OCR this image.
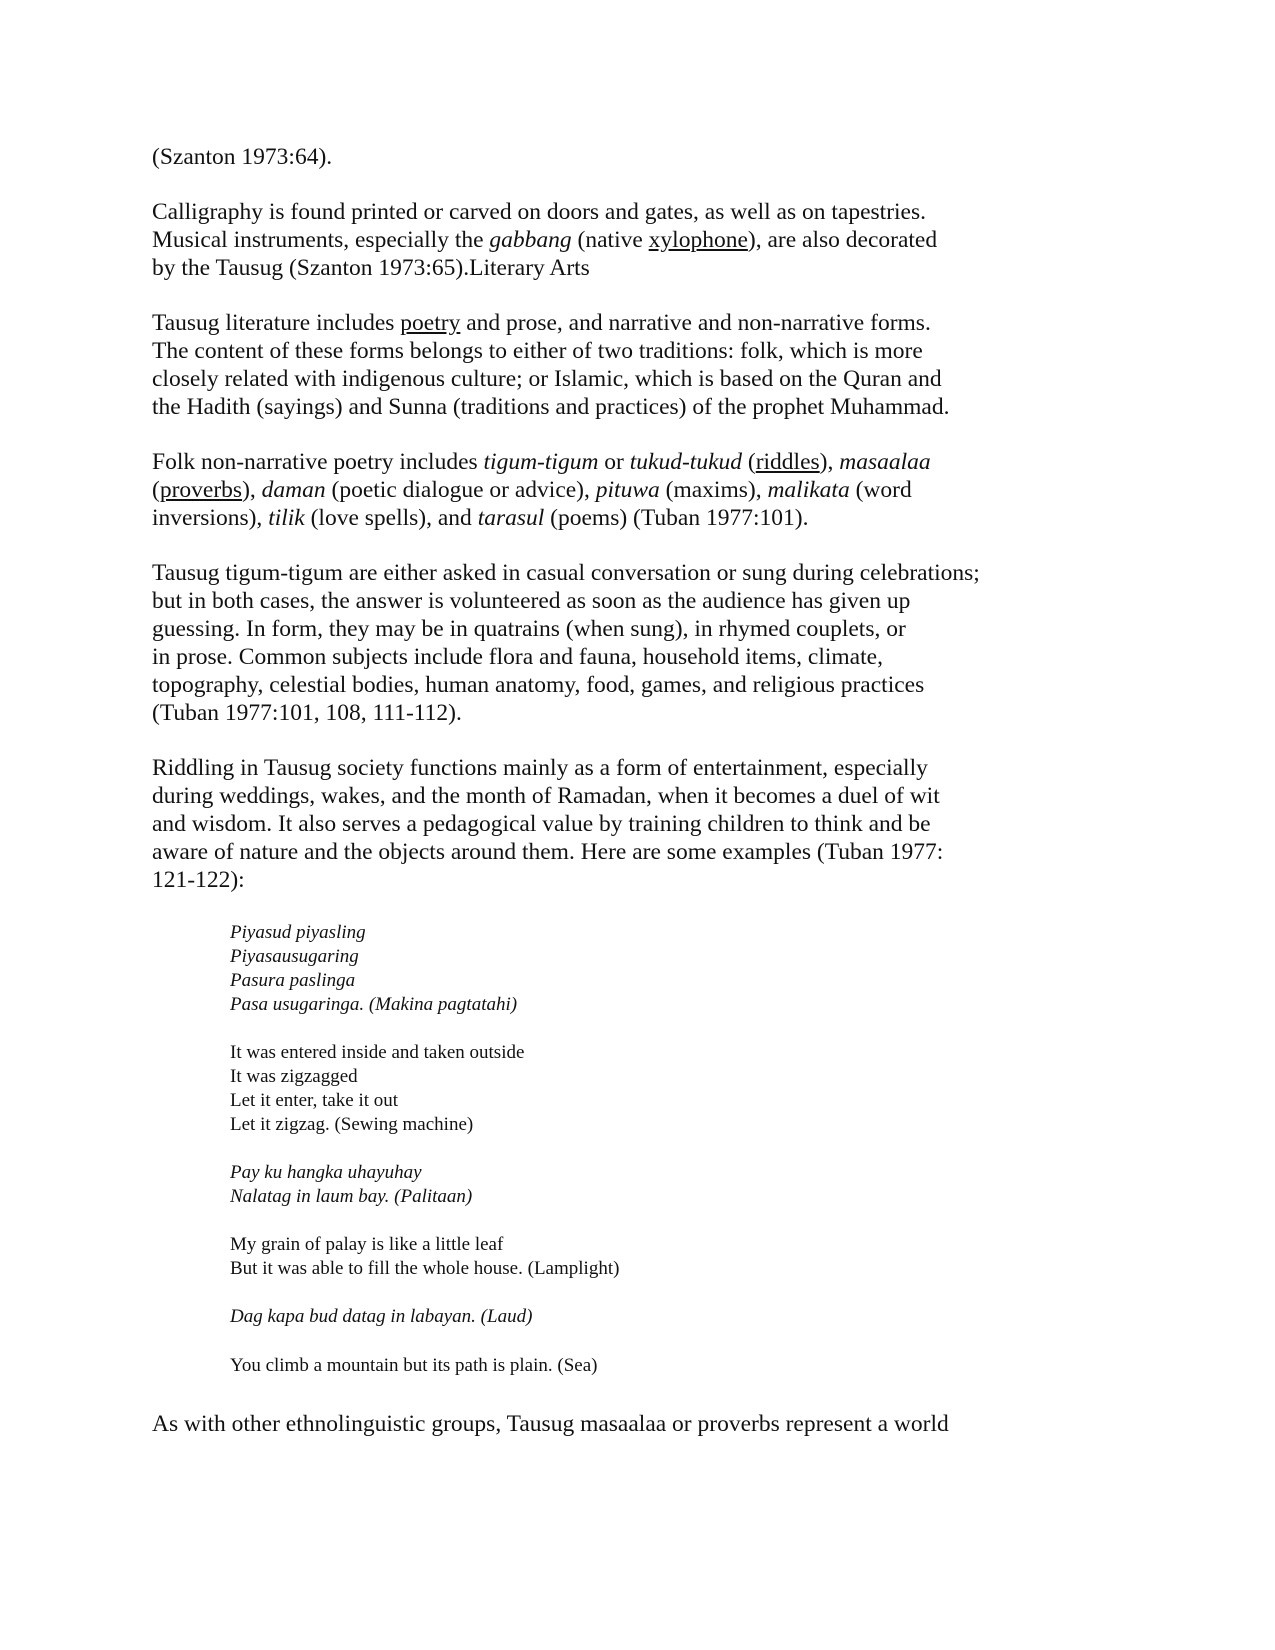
(Szanton 1973:64).
Calligraphy is found printed or carved on doors and gates, as well as on tapestries.
Musical instruments, especially the gabbang (native xylophone), are also decorated
by the Tausug (Szanton 1973:65).Literary Arts
Tausug literature includes poetry and prose, and narrative and non-narrative forms.
The content of these forms belongs to either of two traditions: folk, which is more
closely related with indigenous culture; or Islamic, which is based on the Quran and
the Hadith (sayings) and Sunna (traditions and practices) of the prophet Muhammad.
Folk non-narrative poetry includes tigum-tigum or tukud-tukud (riddles), masaalaa
(proverbs), daman (poetic dialogue or advice), pituwa (maxims), malikata (word
inversions), tilik (love spells), and tarasul (poems) (Tuban 1977:101).
Tausug tigum-tigum are either asked in casual conversation or sung during celebrations;
but in both cases, the answer is volunteered as soon as the audience has given up
guessing. In form, they may be in quatrains (when sung), in rhymed couplets, or
in prose. Common subjects include flora and fauna, household items, climate,
topography, celestial bodies, human anatomy, food, games, and religious practices
(Tuban 1977:101, 108, 111-112).
Riddling in Tausug society functions mainly as a form of entertainment, especially
during weddings, wakes, and the month of Ramadan, when it becomes a duel of wit
and wisdom. It also serves a pedagogical value by training children to think and be
aware of nature and the objects around them. Here are some examples (Tuban 1977:
121-122):
Piyasud piyasling
Piyasausugaring
Pasura paslinga
Pasa usugaringa. (Makina pagtatahi)
It was entered inside and taken outside
It was zigzagged
Let it enter, take it out
Let it zigzag. (Sewing machine)
Pay ku hangka uhayuhay
Nalatag in laum bay. (Palitaan)
My grain of palay is like a little leaf
But it was able to fill the whole house. (Lamplight)
Dag kapa bud datag in labayan. (Laud)
You climb a mountain but its path is plain. (Sea)
As with other ethnolinguistic groups, Tausug masaalaa or proverbs represent a world
